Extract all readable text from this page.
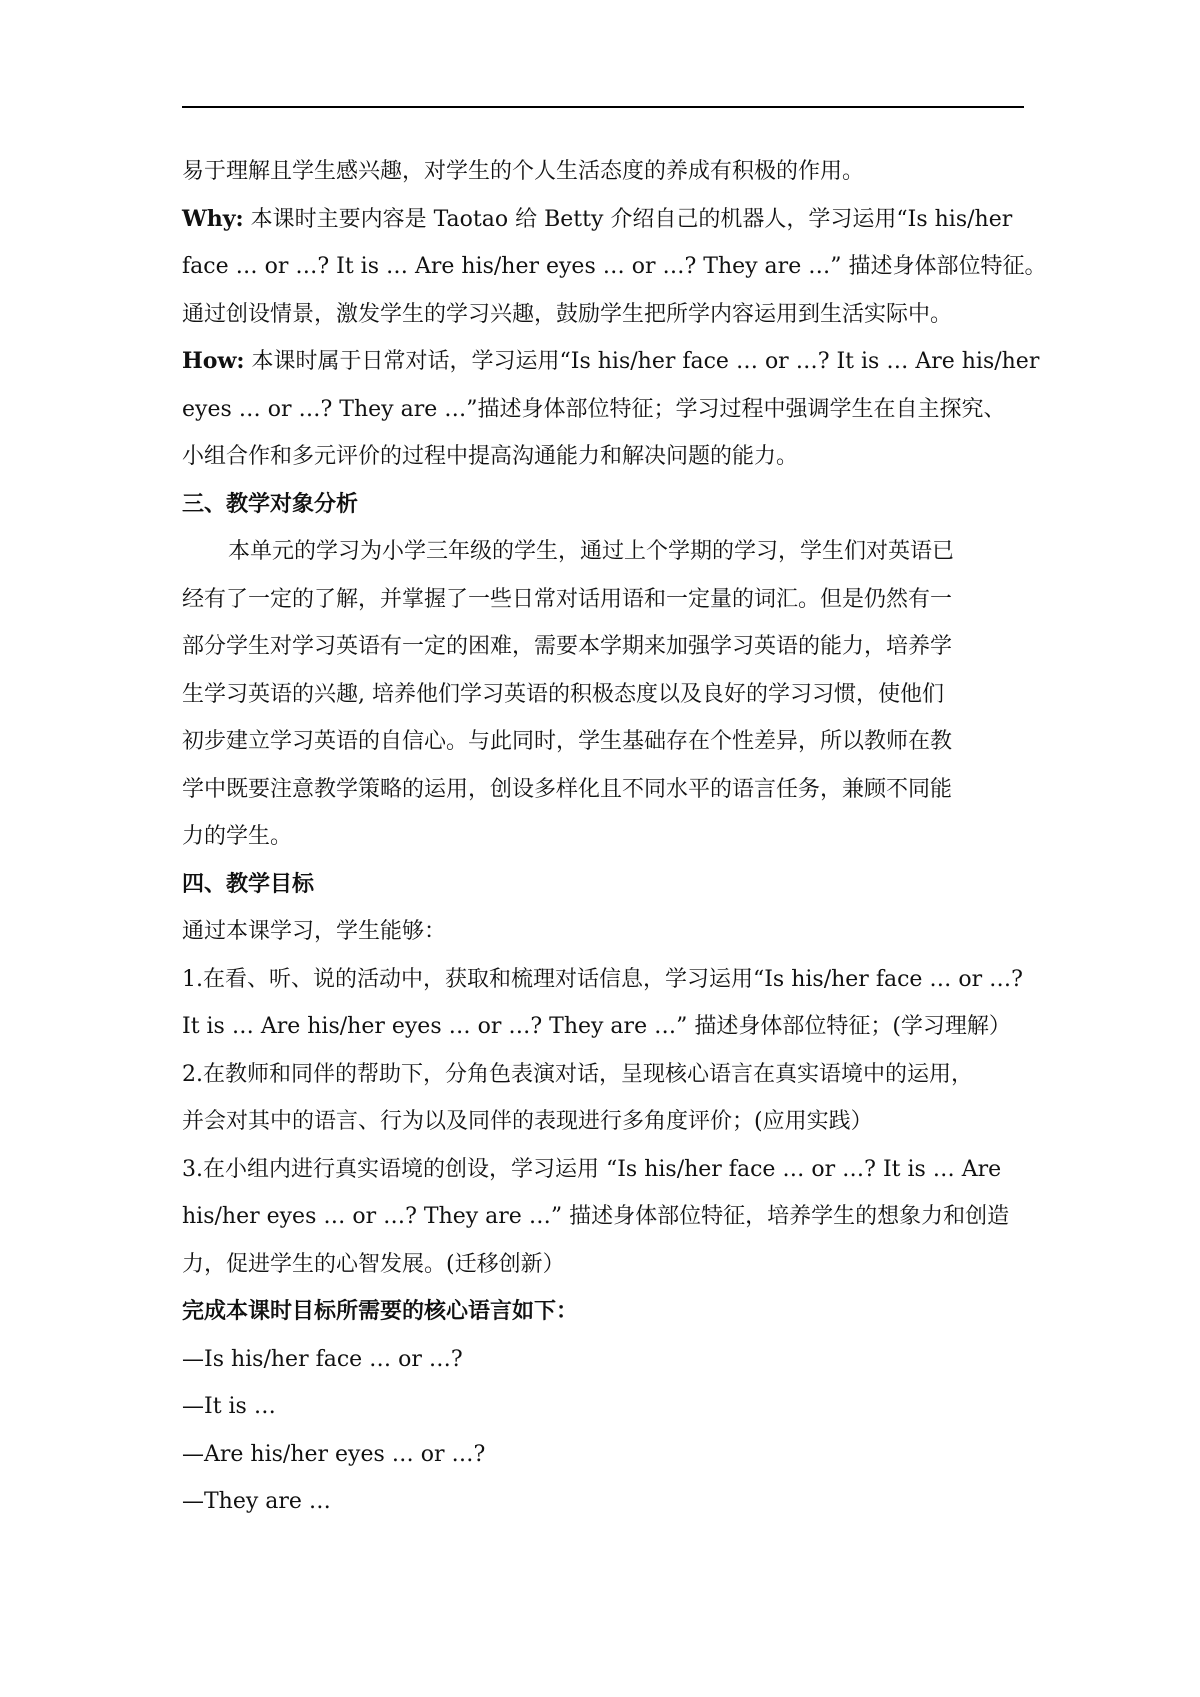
易于理解且学生感兴趣，对学生的个人生活态度的养成有积极的作用。
Why: 本课时主要内容是 Taotao 给 Betty 介绍自己的机器人，学习运用“Is his/her
face … or …? It is … Are his/her eyes … or …? They are …” 描述身体部位特征。
通过创设情景，激发学生的学习兴趣，鼓励学生把所学内容运用到生活实际中。
How: 本课时属于日常对话，学习运用“Is his/her face … or …? It is … Are his/her
eyes … or …? They are …”描述身体部位特征；学习过程中强调学生在自主探究、
小组合作和多元评价的过程中提高沟通能力和解决问题的能力。
三、教学对象分析
本单元的学习为小学三年级的学生，通过上个学期的学习，学生们对英语已
经有了一定的了解，并掌握了一些日常对话用语和一定量的词汇。但是仍然有一
部分学生对学习英语有一定的困难，需要本学期来加强学习英语的能力，培养学
生学习英语的兴趣, 培养他们学习英语的积极态度以及良好的学习习惯，使他们
初步建立学习英语的自信心。与此同时，学生基础存在个性差异，所以教师在教
学中既要注意教学策略的运用，创设多样化且不同水平的语言任务，兼顾不同能
力的学生。
四、教学目标
通过本课学习，学生能够：
1.在看、听、说的活动中，获取和梳理对话信息，学习运用“Is his/her face … or …?
It is … Are his/her eyes … or …? They are …” 描述身体部位特征；(学习理解）
2.在教师和同伴的帮助下，分角色表演对话，呈现核心语言在真实语境中的运用，
并会对其中的语言、行为以及同伴的表现进行多角度评价；(应用实践）
3.在小组内进行真实语境的创设，学习运用 “Is his/her face … or …? It is … Are
his/her eyes … or …? They are …” 描述身体部位特征，培养学生的想象力和创造
力，促进学生的心智发展。(迁移创新）
完成本课时目标所需要的核心语言如下：
—Is his/her face … or …?
—It is …
—Are his/her eyes … or …?
—They are …
